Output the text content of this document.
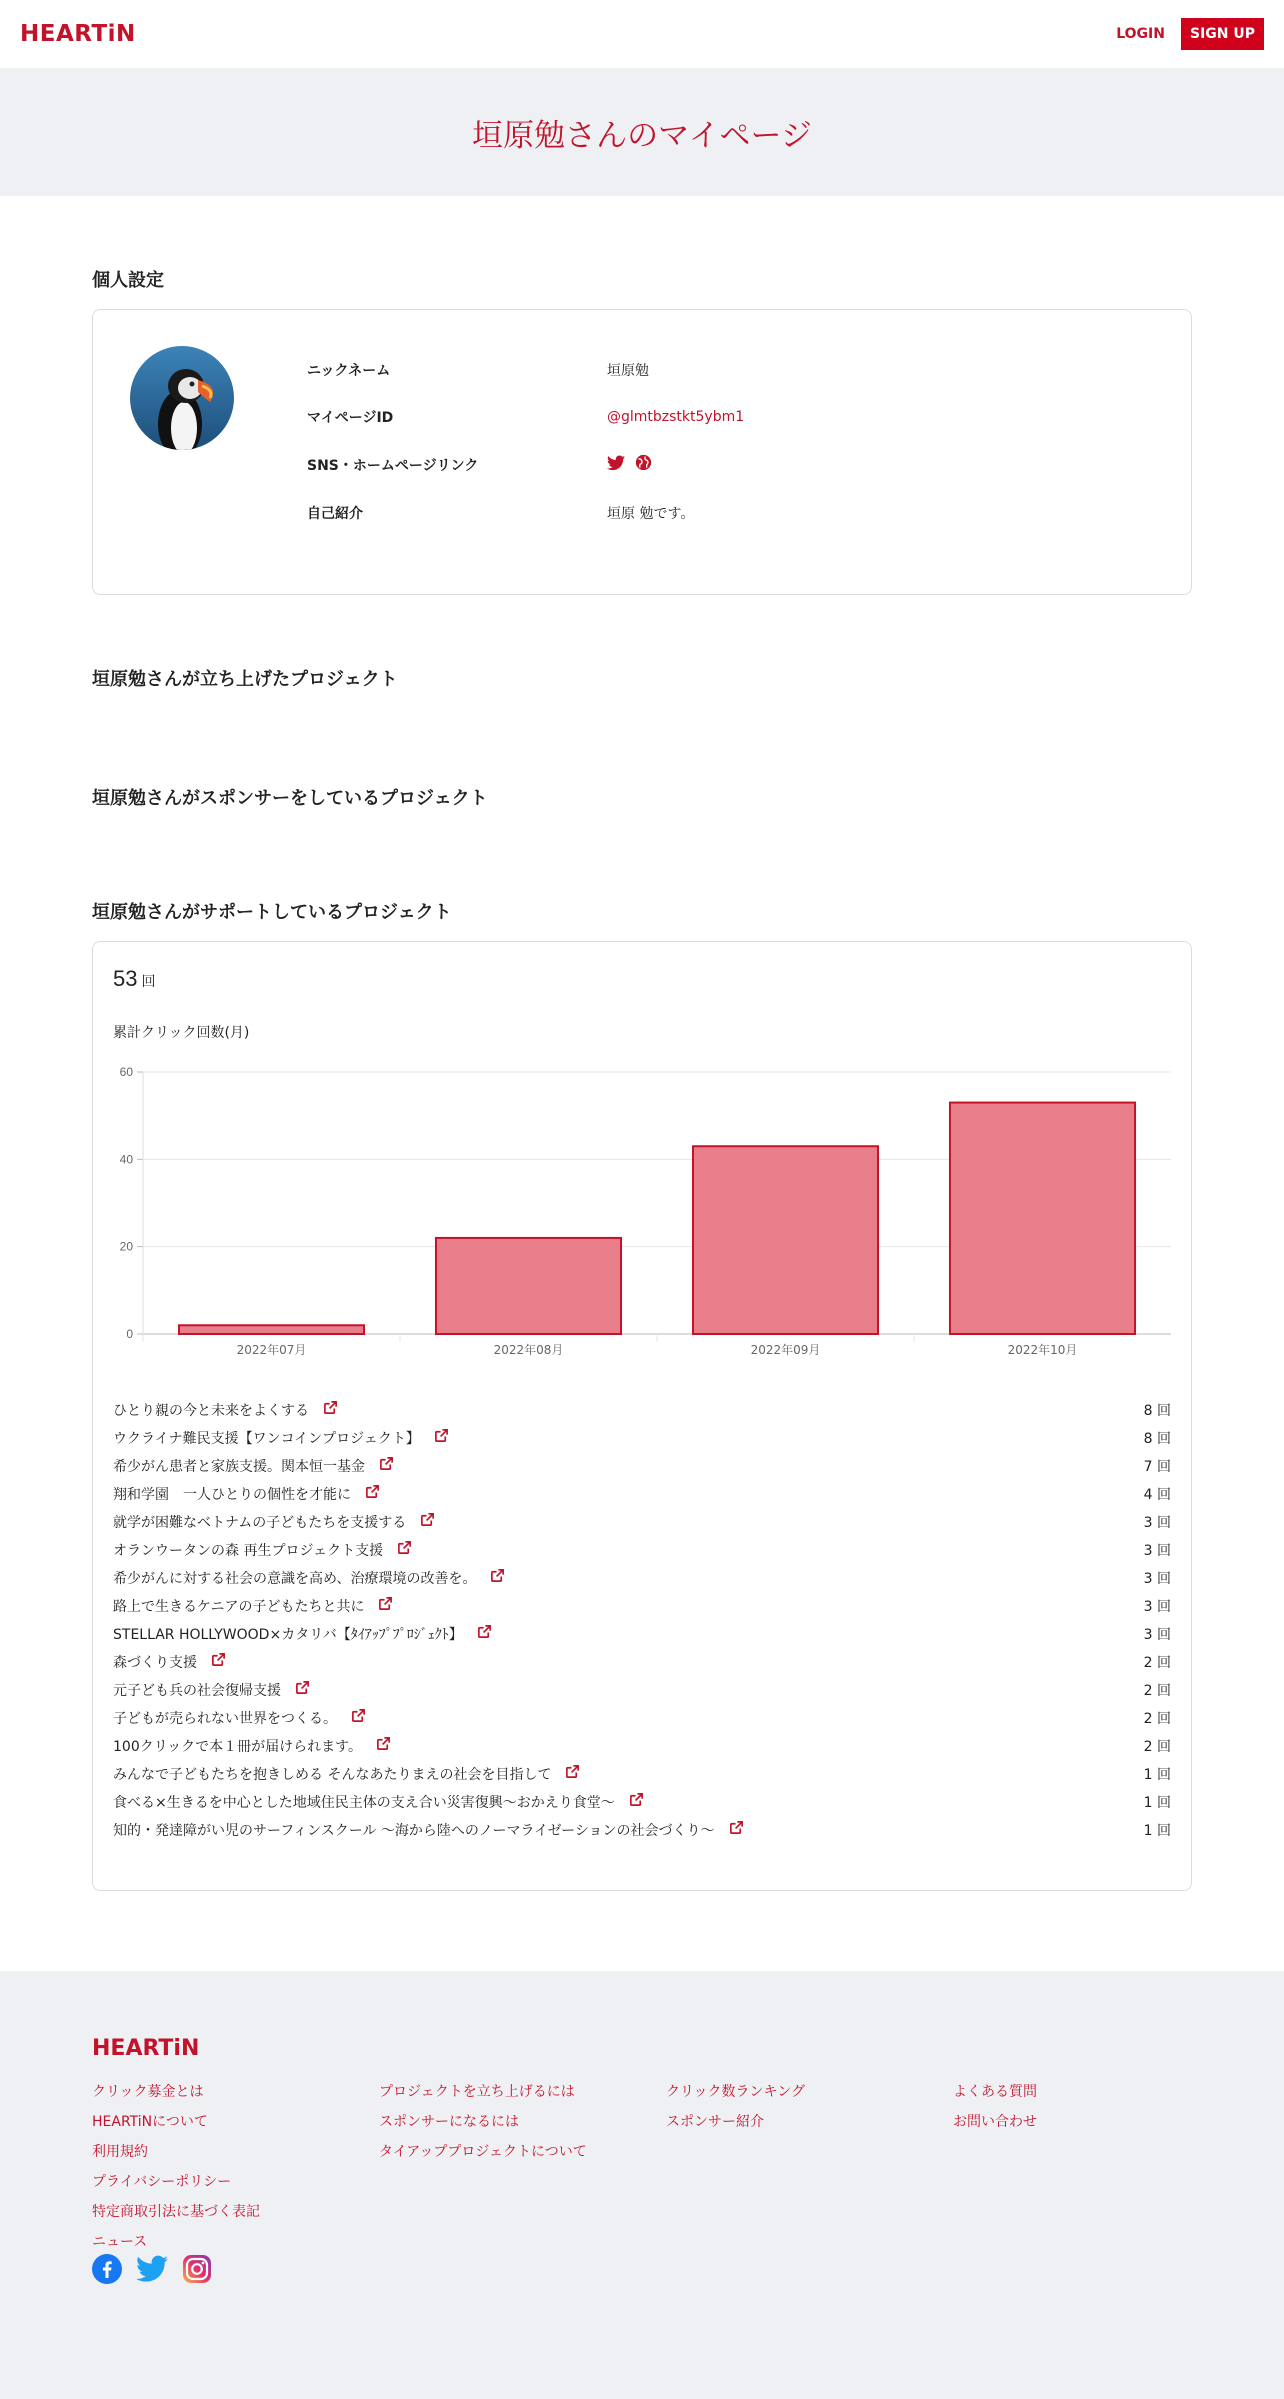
HEARTiN	LOGIN	SIGN UP
垣原勉さんのマイページ
個人設定
ニックネーム	垣原勉
マイページID	@glmtbzstkt5ybm1
SNS・ホームページリンク
自己紹介	垣原 勉です。
垣原勉さんが立ち上げたプロジェクト
垣原勉さんがスポンサーをしているプロジェクト
垣原勉さんがサポートしているプロジェクト
53 回
累計クリック回数(月)
0
20
40
60
2022年07月	2022年08月	2022年09月	2022年10月
ひとり親の今と未来をよくする	8 回
ウクライナ難民支援【ワンコインプロジェクト】	8 回
希少がん患者と家族支援。関本恒一基金	7 回
翔和学園　一人ひとりの個性を才能に	4 回
就学が困難なベトナムの子どもたちを支援する	3 回
オランウータンの森 再生プロジェクト支援	3 回
希少がんに対する社会の意識を高め、治療環境の改善を。	3 回
路上で生きるケニアの子どもたちと共に	3 回
STELLAR HOLLYWOOD×カタリバ【ﾀｲｱｯﾌﾟﾌﾟﾛｼﾞｪｸﾄ】	3 回
森づくり支援	2 回
元子ども兵の社会復帰支援	2 回
子どもが売られない世界をつくる。	2 回
100クリックで本１冊が届けられます。	2 回
みんなで子どもたちを抱きしめる そんなあたりまえの社会を目指して	1 回
食べる×生きるを中心とした地域住民主体の支え合い災害復興～おかえり食堂～	1 回
知的・発達障がい児のサーフィンスクール ～海から陸へのノーマライゼーションの社会づくり～	1 回
HEARTiN
クリック募金とは
HEARTiNについて
利用規約
プライバシーポリシー
特定商取引法に基づく表記
ニュース
プロジェクトを立ち上げるには
スポンサーになるには
タイアッププロジェクトについて
クリック数ランキング
スポンサー紹介
よくある質問
お問い合わせ
